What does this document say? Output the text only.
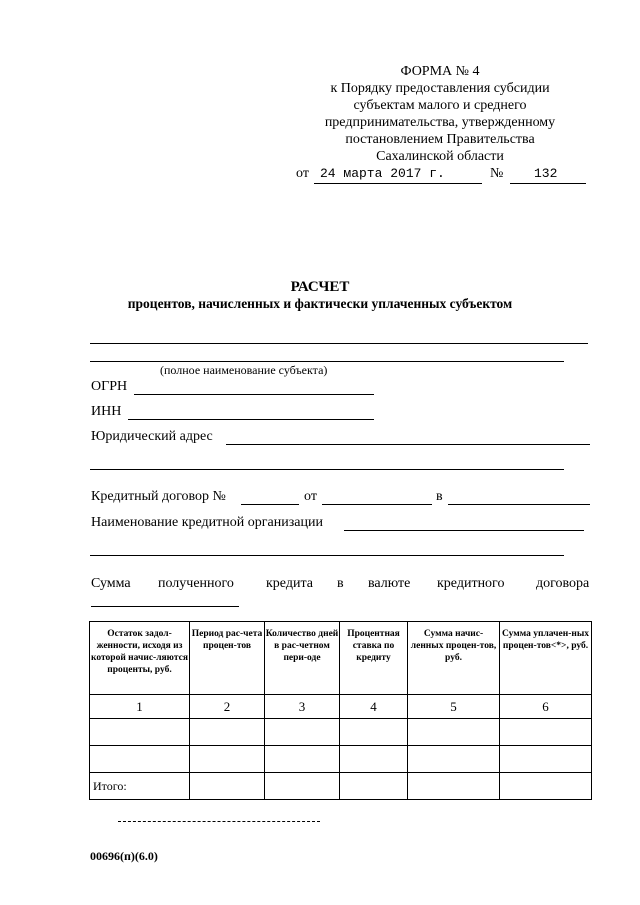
ФОРМА № 4
к Порядку предоставления субсидии
субъектам малого и среднего
предпринимательства, утвержденному
постановлением Правительства
Сахалинской области
от 24 марта 2017 г.	№ 132
РАСЧЕТ
процентов, начисленных и фактически уплаченных субъектом
(полное наименование субъекта)
ОГРН
ИНН
Юридический адрес
Кредитный договор №	от	в
Наименование кредитной организации
Сумма полученного кредита в валюте кредитного договора
Остаток задол-женности, исходя из которой начис-ляются проценты, руб.	Период рас-чета процен-тов	Количество дней в рас-четном пери-оде	Процентная ставка по кредиту	Сумма начис-ленных процен-тов, руб.	Сумма уплачен-ных процен-тов<*>, руб.
1	2	3	4	5	6

Итого:					
00696(п)(6.0)
